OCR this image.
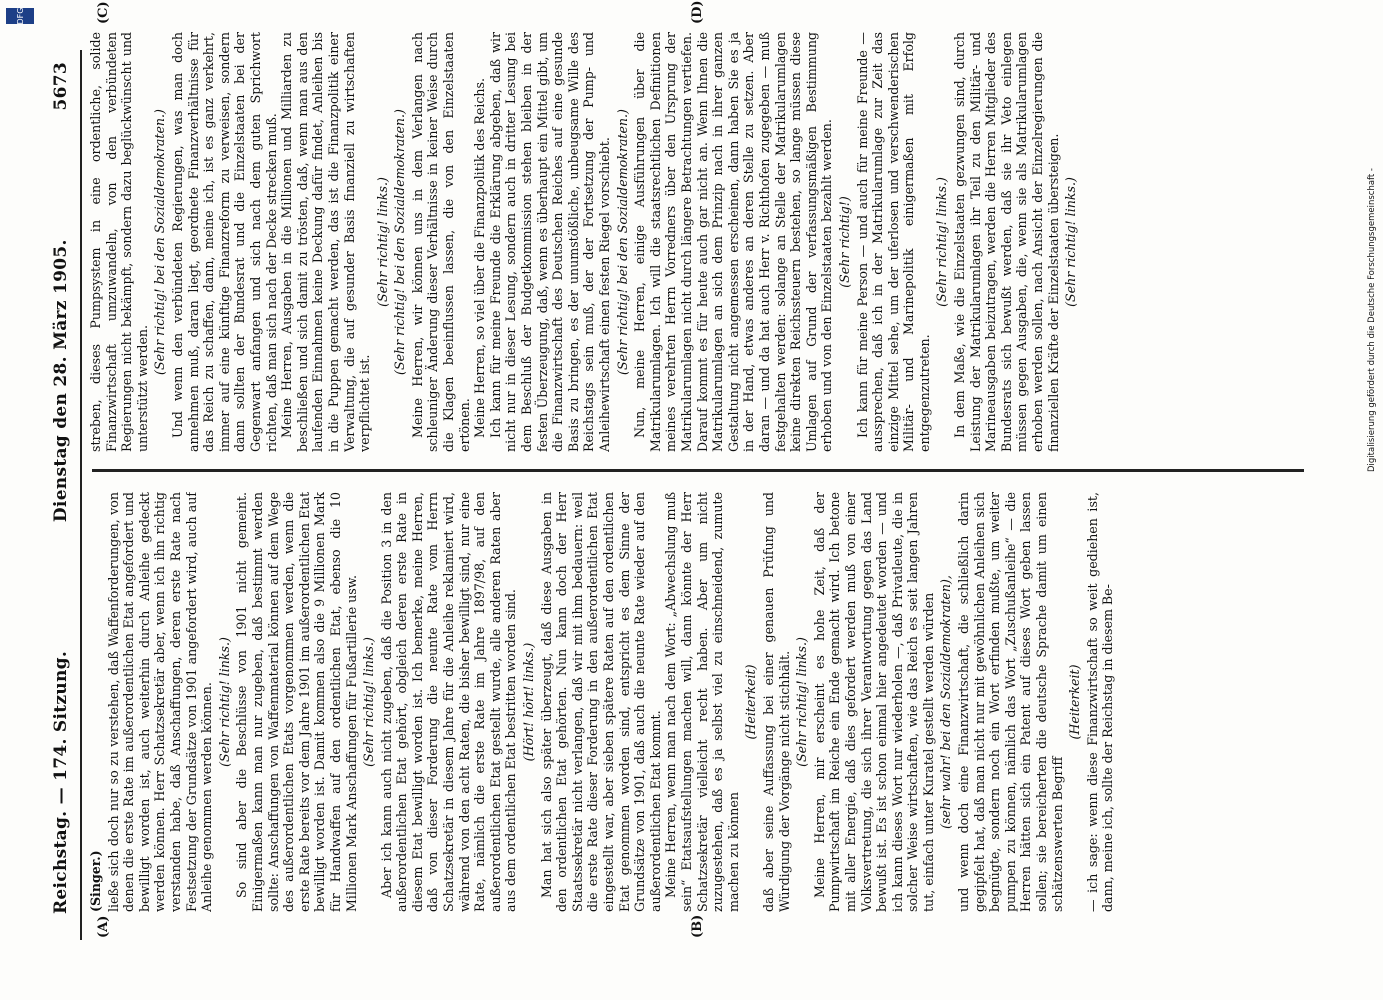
Reichstag. — 174. Sitzung.
Dienstag den 28. März 1905.
5673
(A)	(B)
(C)	(D)
(Singer.) ließe sich doch nur so zu verstehen, daß Waffenforderungen, von denen die erste Rate im außerordentlichen Etat angefordert und bewilligt worden ist, auch weiterhin durch Anleihe gedeckt werden können. Herr Schatzsekretär aber, wenn ich ihn richtig verstanden habe, daß Anschaffungen, deren erste Rate nach Festsetzung der Grundsätze von 1901 angefordert wird, auch auf Anleihe genommen werden können. (Sehr richtig! links.) So sind aber die Beschlüsse von 1901 nicht gemeint. Einigermaßen kann man nur zugeben, daß bestimmt werden sollte: Anschaffungen von Waffenmaterial können auf dem Wege des außerordentlichen Etats vorgenommen werden, wenn die erste Rate bereits vor dem Jahre 1901 im außerordentlichen Etat bewilligt worden ist. Damit kommen also die 9 Millionen Mark für Handwaffen auf den ordentlichen Etat, ebenso die 10 Millionen Mark Anschaffungen für Fußartillerie usw. (Sehr richtig! links.) Aber ich kann auch nicht zugeben, daß die Position 3 in den außerordentlichen Etat gehört, obgleich deren erste Rate in diesem Etat bewilligt worden ist. Ich bemerke, meine Herren, daß von dieser Forderung die neunte Rate vom Herrn Schatzsekretär in diesem Jahre für die Anleihe reklamiert wird, während von den acht Raten, die bisher bewilligt sind, nur eine Rate, nämlich die erste Rate im Jahre 1897/98, auf den außerordentlichen Etat gestellt wurde, alle anderen Raten aber aus dem ordentlichen Etat bestritten worden sind. (Hört! hört! links.) Man hat sich also später überzeugt, daß diese Ausgaben in den ordentlichen Etat gehörten. Nun kann doch der Herr Staatssekretär nicht verlangen, daß wir mit ihm bedauern: weil die erste Rate dieser Forderung in den außerordentlichen Etat eingestellt war, aber sieben spätere Raten auf den ordentlichen Etat genommen worden sind, entspricht es dem Sinne der Grundsätze von 1901, daß auch die neunte Rate wieder auf den außerordentlichen Etat kommt. Meine Herren, wenn man nach dem Wort: „Abwechslung muß sein“ Etatsaufstellungen machen will, dann könnte der Herr Schatzsekretär vielleicht recht haben. Aber um nicht zuzugestehen, daß es ja selbst viel zu einschneidend, zumute machen zu können

(Heiterkeit) daß aber seine Auffassung bei einer genauen Prüfung und Würdigung der Vorgänge nicht stichhält. (Sehr richtig! links.) Meine Herren, mir erscheint es hohe Zeit, daß der Pumpwirtschaft im Reiche ein Ende gemacht wird. Ich betone mit aller Energie, daß dies gefordert werden muß von einer Volksvertretung, die sich ihrer Verantwortung gegen das Land bewußt ist. Es ist schon einmal hier angedeutet worden — und ich kann dieses Wort nur wiederholen —, daß Privatleute, die in solcher Weise wirtschaften, wie das Reich es seit langen Jahren tut, einfach unter Kuratel gestellt werden würden (sehr wahr! bei den Sozialdemokraten), und wenn doch eine Finanzwirtschaft, die schließlich darin gegipfelt hat, daß man nicht nur mit gewöhnlichen Anleihen sich begnügte, sondern noch ein Wort erfinden mußte, um weiter pumpen zu können, nämlich das Wort „Zuschußanleihe“ — die Herren hätten sich ein Patent auf dieses Wort geben lassen sollen; sie bereicherten die deutsche Sprache damit um einen schätzenswerten Begriff

(Heiterkeit) — ich sage: wenn diese Finanzwirtschaft so weit gediehen ist, dann, meine ich, sollte der Reichstag in diesem Be-

streben, dieses Pumpsystem in eine ordentliche, solide Finanzwirtschaft umzuwandeln, von den verbündeten Regierungen nicht bekämpft, sondern dazu beglückwünscht und unterstützt werden.

(Sehr richtig! bei den Sozialdemokraten.) Und wenn den verbündeten Regierungen, was man doch annehmen muß, daran liegt, geordnete Finanzverhältnisse für das Reich zu schaffen, dann, meine ich, ist es ganz verkehrt, immer auf eine künftige Finanzreform zu verweisen, sondern dann sollten der Bundesrat und die Einzelstaaten bei der Gegenwart anfangen und sich nach dem guten Sprichwort richten, daß man sich nach der Decke strecken muß. Meine Herren, Ausgaben in die Millionen und Milliarden zu beschließen und sich damit zu trösten, daß, wenn man aus den laufenden Einnahmen keine Deckung dafür findet, Anleihen bis in die Puppen gemacht werden, das ist die Finanzpolitik einer Verwaltung, die auf gesunder Basis finanziell zu wirtschaften verpflichtet ist.

(Sehr richtig! links.) (Sehr richtig! bei den Sozialdemokraten.) Meine Herren, wir können uns in dem Verlangen nach schleuniger Änderung dieser Verhältnisse in keiner Weise durch die Klagen beeinflussen lassen, die von den Einzelstaaten ertönen. Meine Herren, so viel über die Finanzpolitik des Reichs. Ich kann für meine Freunde die Erklärung abgeben, daß wir nicht nur in dieser Lesung, sondern auch in dritter Lesung bei dem Beschluß der Budgetkommission stehen bleiben in der festen Überzeugung, daß, wenn es überhaupt ein Mittel gibt, um die Finanzwirtschaft des Deutschen Reiches auf eine gesunde Basis zu bringen, es der unumstößliche, unbeugsame Wille des Reichstags sein muß, der der Fortsetzung der Pump- und Anleihewirtschaft einen festen Riegel vorschiebt. (Sehr richtig! bei den Sozialdemokraten.) Nun, meine Herren, einige Ausführungen über die Matrikularumlagen. Ich will die staatsrechtlichen Definitionen meines verehrten Herrn Vorredners über den Ursprung der Matrikularumlagen nicht durch längere Betrachtungen vertiefen. Darauf kommt es für heute auch gar nicht an. Wenn Ihnen die Matrikularumlagen an sich dem Prinzip nach in ihrer ganzen Gestaltung nicht angemessen erscheinen, dann haben Sie es ja in der Hand, etwas anderes an deren Stelle zu setzen. Aber daran — und da hat auch Herr v. Richthofen zugegeben — muß festgehalten werden: solange an Stelle der Matrikularumlagen keine direkten Reichssteuern bestehen, so lange müssen diese Umlagen auf Grund der verfassungsmäßigen Bestimmung erhoben und von den Einzelstaaten bezahlt werden. (Sehr richtig!) Ich kann für meine Person — und auch für meine Freunde — aussprechen, daß ich in der Matrikularumlage zur Zeit das einzige Mittel sehe, um der uferlosen und verschwenderischen Militär- und Marinepolitik einigermaßen mit Erfolg entgegenzutreten.

(Sehr richtig! links.) In dem Maße, wie die Einzelstaaten gezwungen sind, durch Leistung der Matrikularumlagen ihr Teil zu den Militär- und Marineausgaben beizutragen, werden die Herren Mitglieder des Bundesrats sich bewußt werden, daß sie ihr Veto einlegen müssen gegen Ausgaben, die, wenn sie als Matrikularumlagen erhoben werden sollen, nach Ansicht der Einzelregierungen die finanziellen Kräfte der Einzelstaaten übersteigen. (Sehr richtig! links.)
DFG
Digitalisierung gefördert durch die Deutsche Forschungsgemeinschaft -
